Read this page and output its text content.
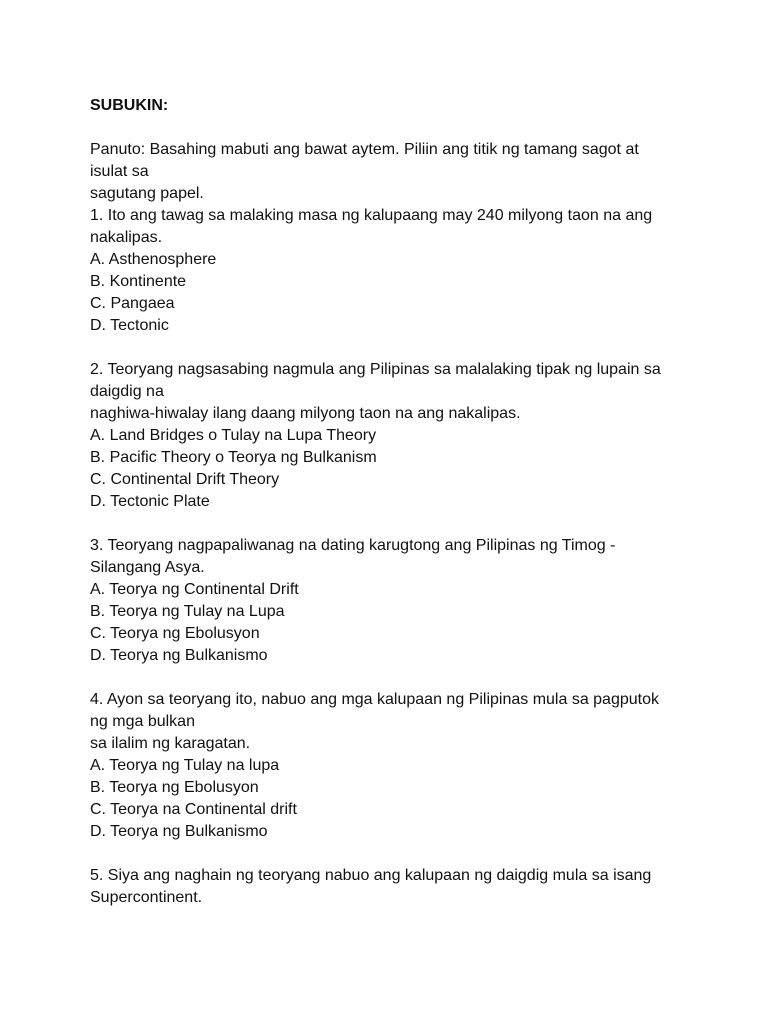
SUBUKIN:
Panuto: Basahing mabuti ang bawat aytem. Piliin ang titik ng tamang sagot at
isulat sa
sagutang papel.
1. Ito ang tawag sa malaking masa ng kalupaang may 240 milyong taon na ang
nakalipas.
A. Asthenosphere
B. Kontinente
C. Pangaea
D. Tectonic
2. Teoryang nagsasabing nagmula ang Pilipinas sa malalaking tipak ng lupain sa
daigdig na
naghiwa-hiwalay ilang daang milyong taon na ang nakalipas.
A. Land Bridges o Tulay na Lupa Theory
B. Pacific Theory o Teorya ng Bulkanism
C. Continental Drift Theory
D. Tectonic Plate
3. Teoryang nagpapaliwanag na dating karugtong ang Pilipinas ng Timog -
Silangang Asya.
A. Teorya ng Continental Drift
B. Teorya ng Tulay na Lupa
C. Teorya ng Ebolusyon
D. Teorya ng Bulkanismo
4. Ayon sa teoryang ito, nabuo ang mga kalupaan ng Pilipinas mula sa pagputok
ng mga bulkan
sa ilalim ng karagatan.
A. Teorya ng Tulay na lupa
B. Teorya ng Ebolusyon
C. Teorya na Continental drift
D. Teorya ng Bulkanismo
5. Siya ang naghain ng teoryang nabuo ang kalupaan ng daigdig mula sa isang
Supercontinent.
